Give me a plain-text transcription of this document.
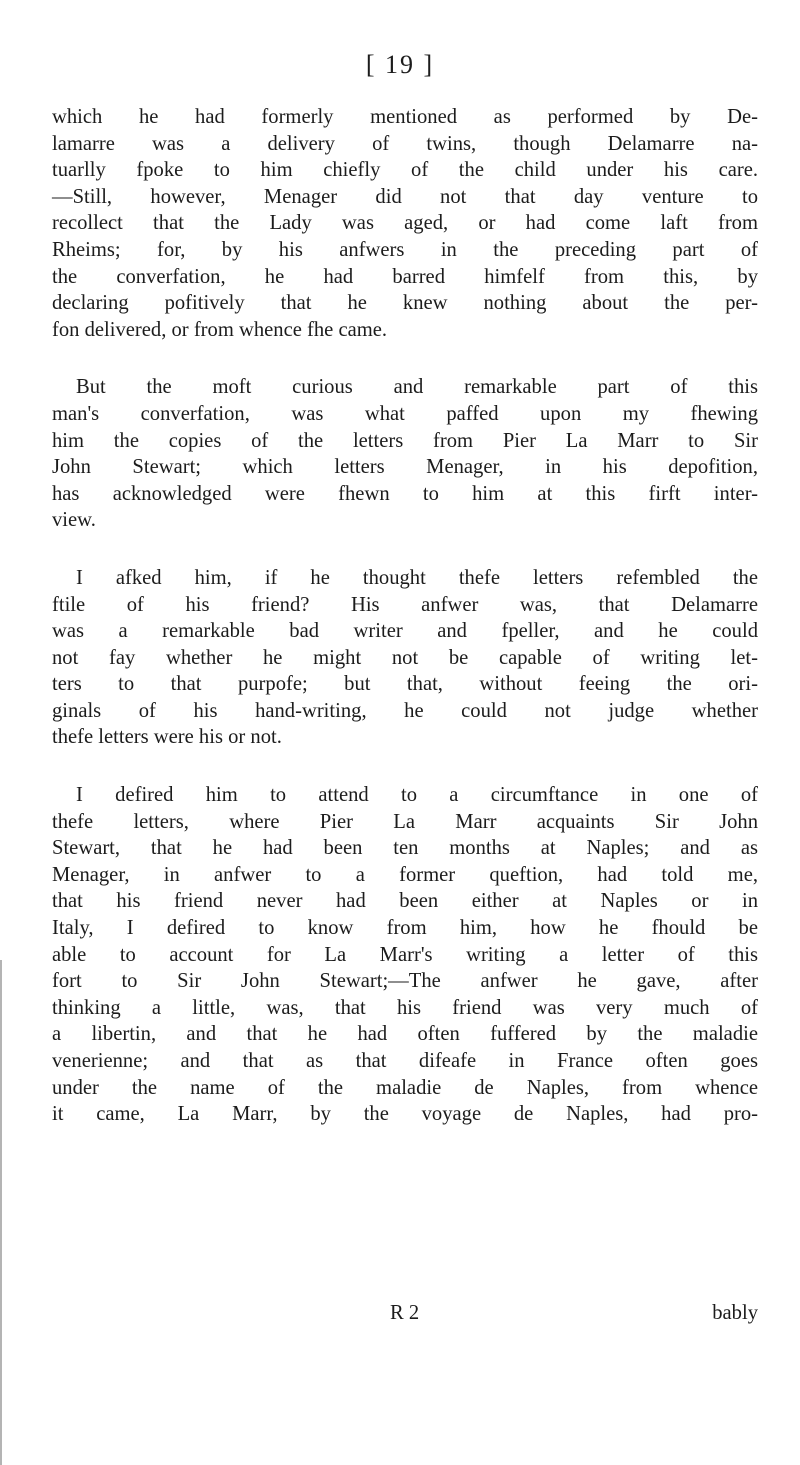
[ 19 ]
which he had formerly mentioned as performed by De-
lamarre was a delivery of twins, though Delamarre na-
tuarlly fpoke to him chiefly of the child under his care.
—Still, however, Menager did not that day venture to
recollect that the Lady was aged, or had come laft from
Rheims; for, by his anfwers in the preceding part of
the converfation, he had barred himfelf from this, by
declaring pofitively that he knew nothing about the per-
fon delivered, or from whence fhe came.
But the moft curious and remarkable part of this
man's converfation, was what paffed upon my fhewing
him the copies of the letters from Pier La Marr to Sir
John Stewart; which letters Menager, in his depofition,
has acknowledged were fhewn to him at this firft inter-
view.
I afked him, if he thought thefe letters refembled the
ftile of his friend? His anfwer was, that Delamarre
was a remarkable bad writer and fpeller, and he could
not fay whether he might not be capable of writing let-
ters to that purpofe; but that, without feeing the ori-
ginals of his hand-writing, he could not judge whether
thefe letters were his or not.
I defired him to attend to a circumftance in one of
thefe letters, where Pier La Marr acquaints Sir John
Stewart, that he had been ten months at Naples; and as
Menager, in anfwer to a former queftion, had told me,
that his friend never had been either at Naples or in
Italy, I defired to know from him, how he fhould be
able to account for La Marr's writing a letter of this
fort to Sir John Stewart;—The anfwer he gave, after
thinking a little, was, that his friend was very much of
a libertin, and that he had often fuffered by the maladie
venerienne; and that as that difeafe in France often goes
under the name of the maladie de Naples, from whence
it came, La Marr, by the voyage de Naples, had pro-
R 2	bably
